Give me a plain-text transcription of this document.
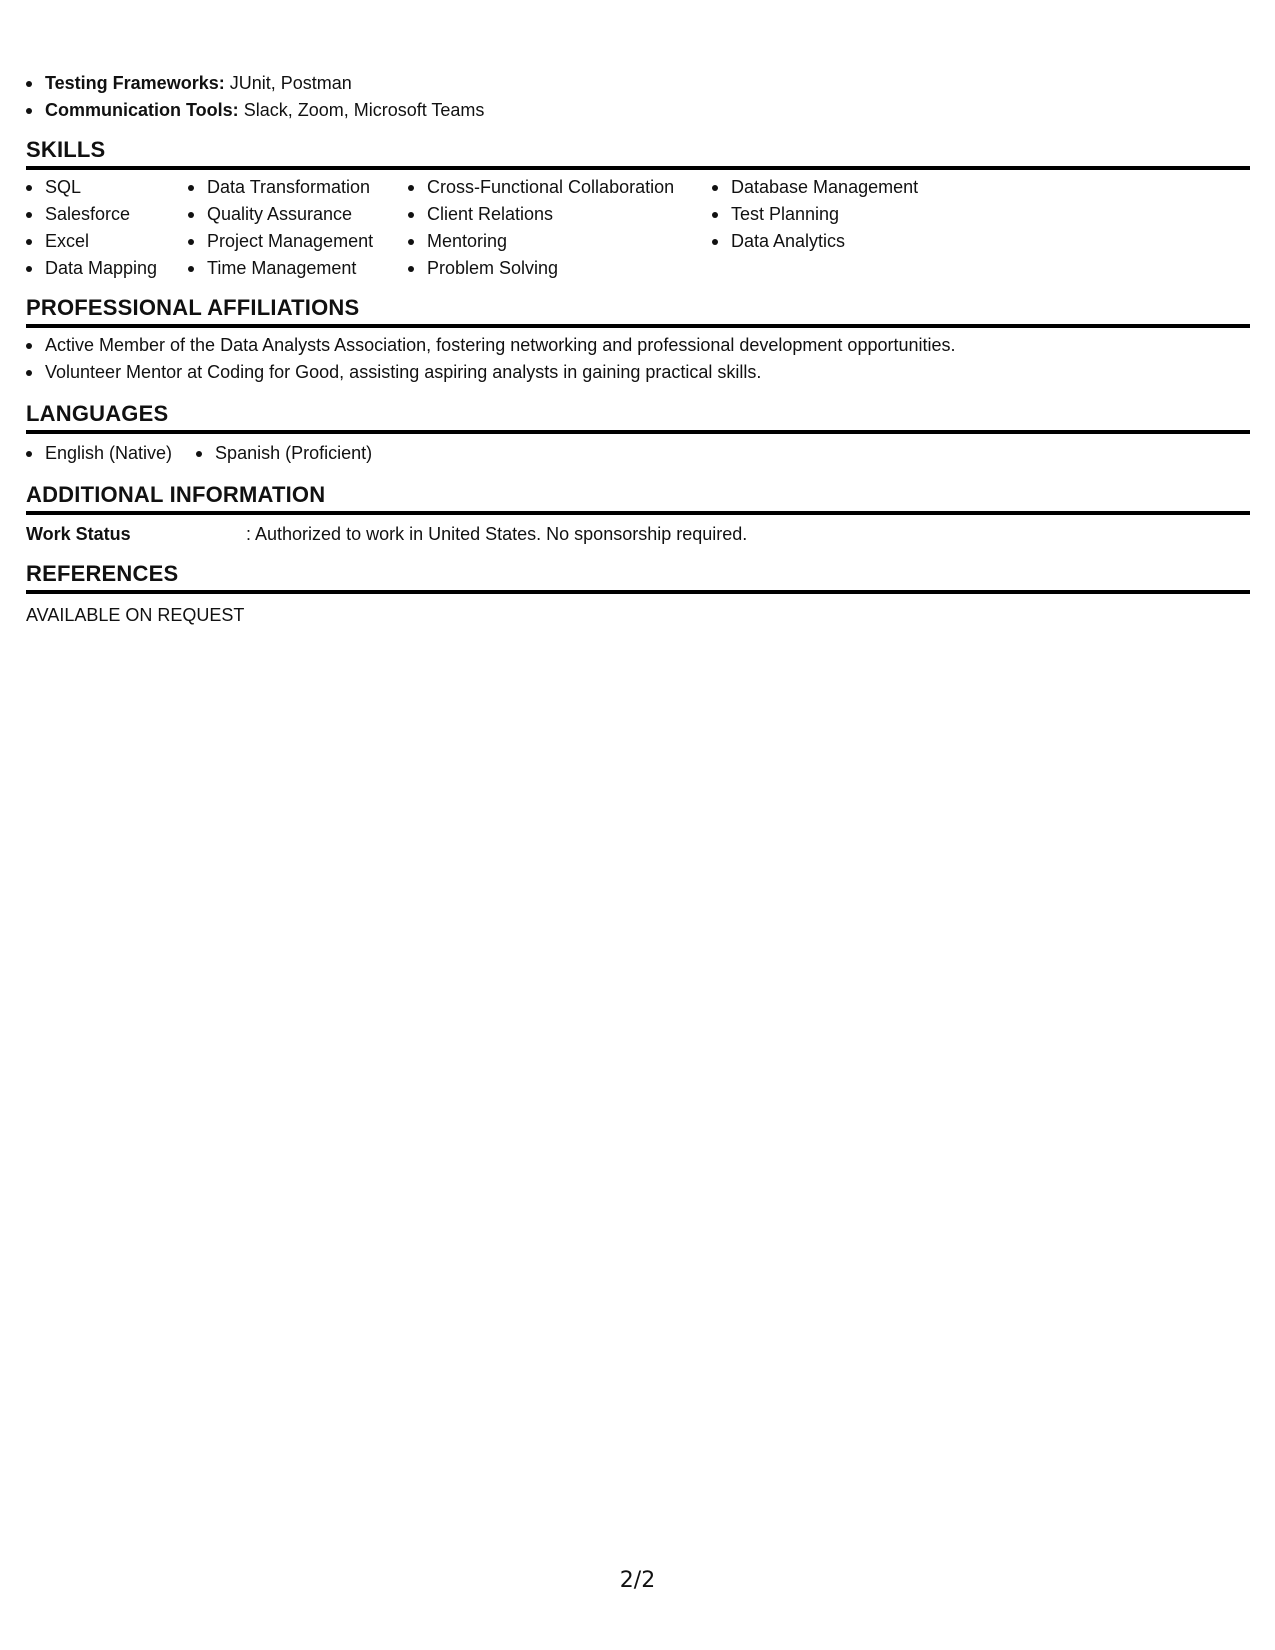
Testing Frameworks: JUnit, Postman
Communication Tools: Slack, Zoom, Microsoft Teams
SKILLS
SQL
Salesforce
Excel
Data Mapping
Data Transformation
Quality Assurance
Project Management
Time Management
Cross-Functional Collaboration
Client Relations
Mentoring
Problem Solving
Database Management
Test Planning
Data Analytics
PROFESSIONAL AFFILIATIONS
Active Member of the Data Analysts Association, fostering networking and professional development opportunities.
Volunteer Mentor at Coding for Good, assisting aspiring analysts in gaining practical skills.
LANGUAGES
English (Native)	Spanish (Proficient)
ADDITIONAL INFORMATION
Work Status	: Authorized to work in United States. No sponsorship required.
REFERENCES
AVAILABLE ON REQUEST
2/2
